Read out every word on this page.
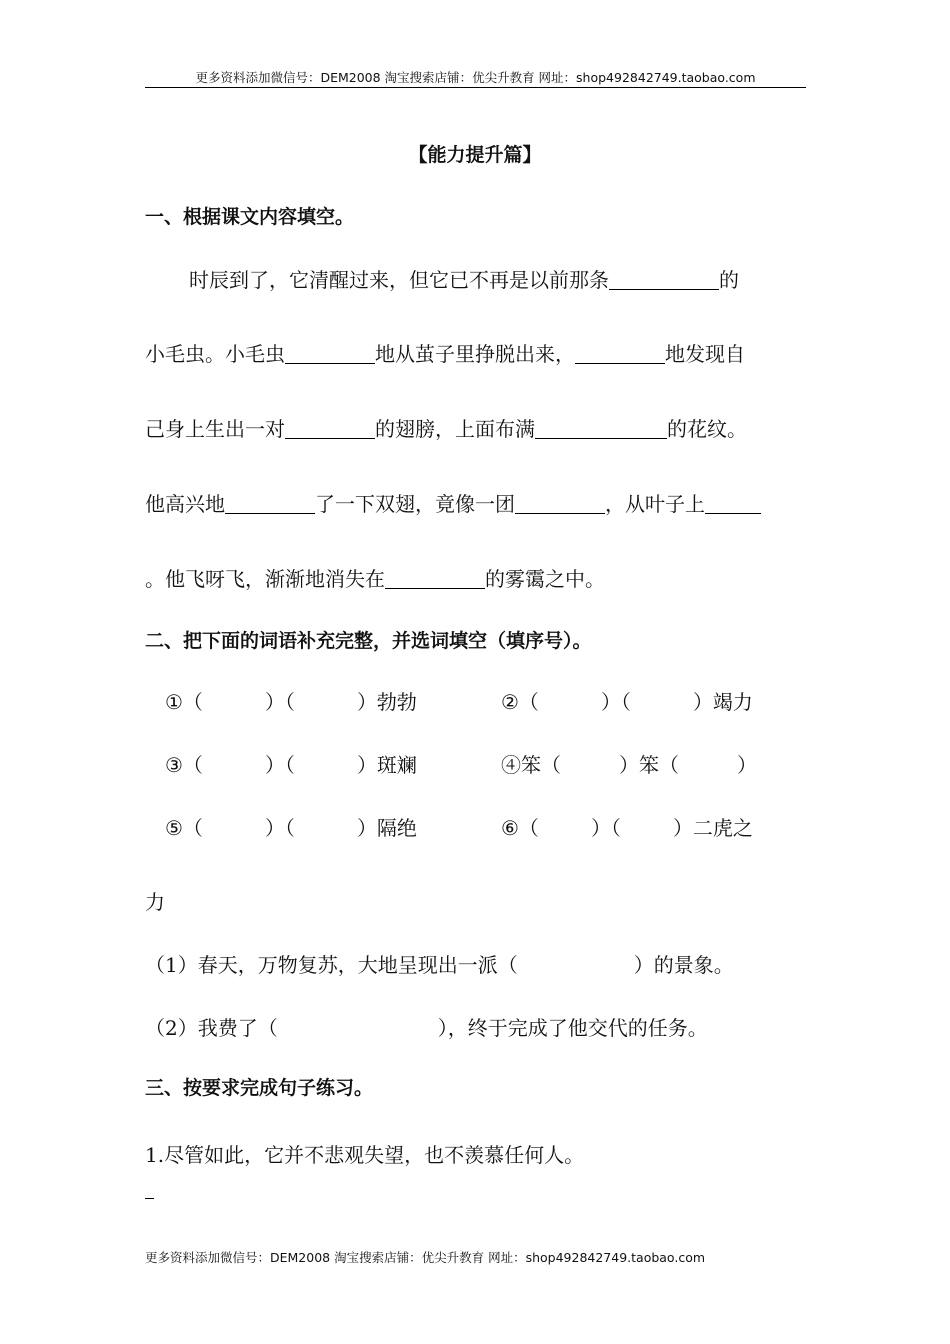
更多资料添加微信号：DEM2008 淘宝搜索店铺：优尖升教育 网址：shop492842749.taobao.com
【能力提升篇】
一、根据课文内容填空。
时辰到了，它清醒过来，但它已不再是以前那条	的
小毛虫。小毛虫	地从茧子里挣脱出来，	地发现自
己身上生出一对	的翅膀，上面布满	的花纹。
他高兴地	了一下双翅，竟像一团	，从叶子上
。他飞呀飞，渐渐地消失在	的雾霭之中。
二、把下面的词语补充完整，并选词填空（填序号）。
①（	）（	）勃勃	②（	）（	）竭力
③（	）（	）斑斓	④笨（	）笨（	）
⑤（	）（	）隔绝	⑥（	）（	）二虎之
力
（1）春天，万物复苏，大地呈现出一派（	）的景象。
（2）我费了（	），终于完成了他交代的任务。
三、按要求完成句子练习。
1.尽管如此，它并不悲观失望，也不羡慕任何人。
更多资料添加微信号：DEM2008 淘宝搜索店铺：优尖升教育 网址：shop492842749.taobao.com
